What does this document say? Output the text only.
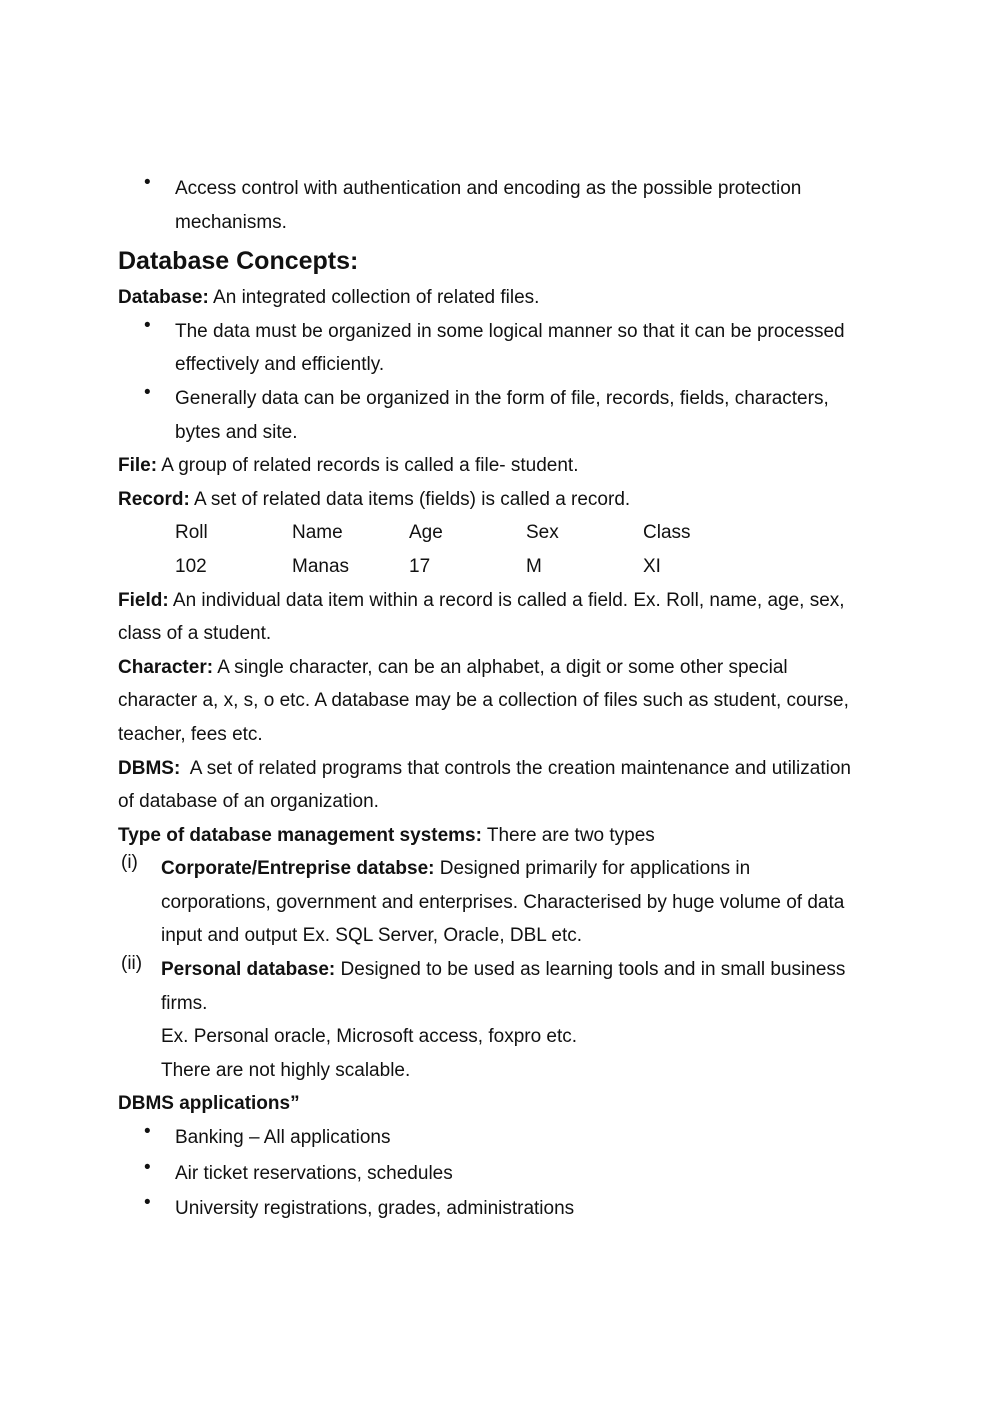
• Access control with authentication and encoding as the possible protection

mechanisms.

Database Concepts:

Database: An integrated collection of related files.

• The data must be organized in some logical manner so that it can be processed

effectively and efficiently.

• Generally data can be organized in the form of file, records, fields, characters,

bytes and site.

File: A group of related records is called a file- student.

Record: A set of related data items (fields) is called a record.

Roll	Name	Age	Sex	Class
102	Manas	17	M	XI

Field: An individual data item within a record is called a field. Ex. Roll, name, age, sex,

class of a student.

Character: A single character, can be an alphabet, a digit or some other special

character a, x, s, o etc. A database may be a collection of files such as student, course,

teacher, fees etc.

DBMS:  A set of related programs that controls the creation maintenance and utilization

of database of an organization.

Type of database management systems: There are two types

(i) Corporate/Entreprise databse: Designed primarily for applications in

corporations, government and enterprises. Characterised by huge volume of data

input and output Ex. SQL Server, Oracle, DBL etc.

(ii) Personal database: Designed to be used as learning tools and in small business

firms.

Ex. Personal oracle, Microsoft access, foxpro etc.

There are not highly scalable.

DBMS applications”

• Banking – All applications

• Air ticket reservations, schedules

• University registrations, grades, administrations
